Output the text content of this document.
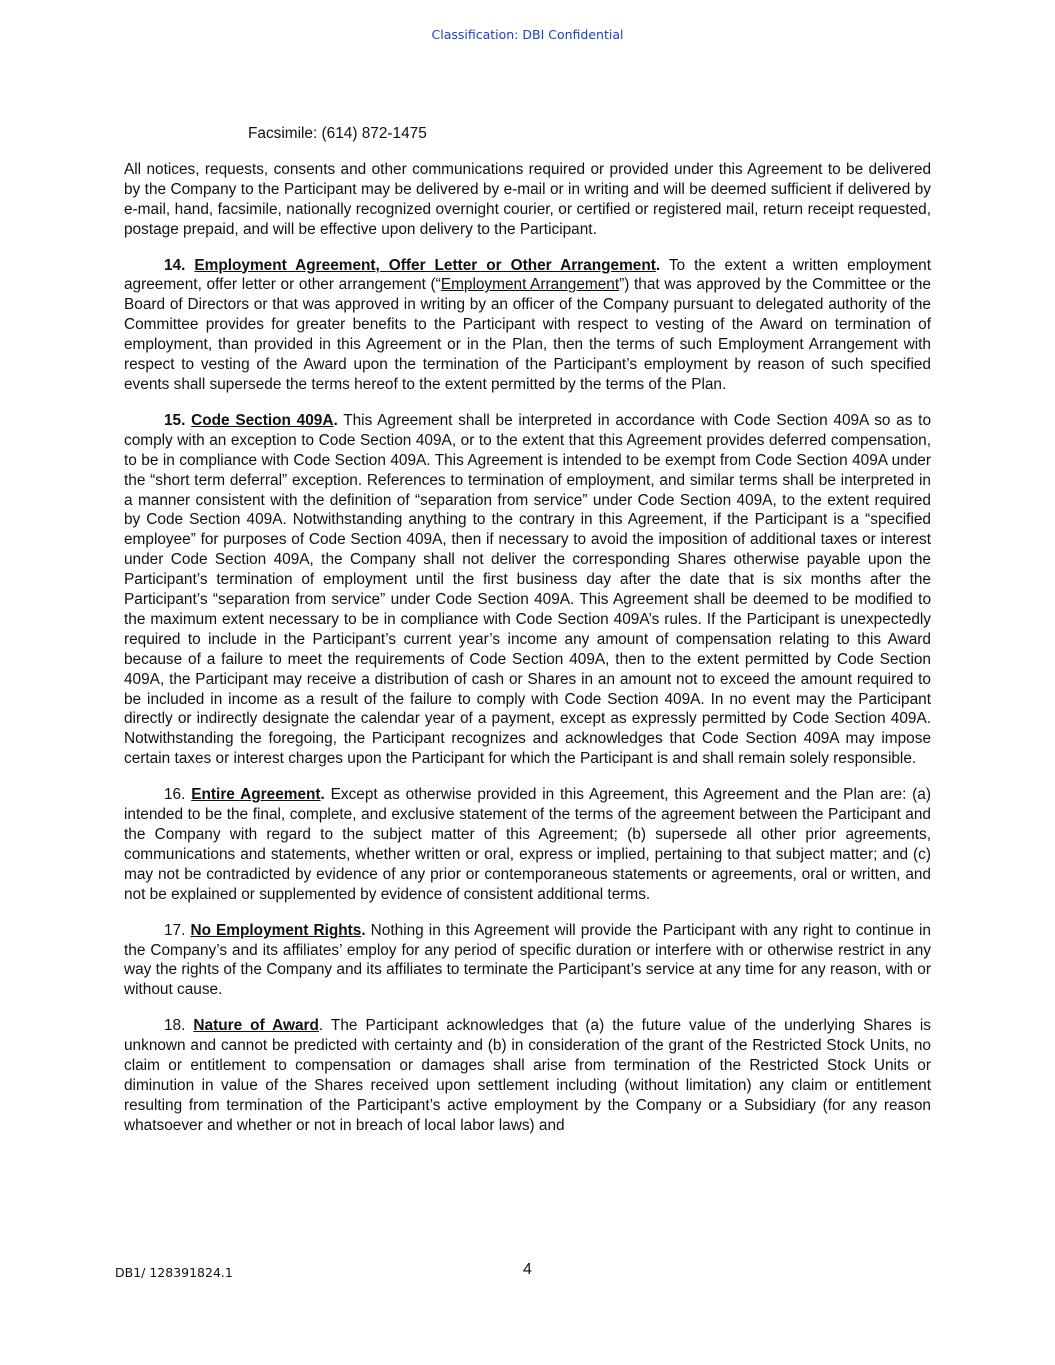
Classification: DBI Confidential
Facsimile: (614) 872-1475

All notices, requests, consents and other communications required or provided under this Agreement to be delivered by the Company to the Participant may be delivered by e-mail or in writing and will be deemed sufficient if delivered by e-mail, hand, facsimile, nationally recognized overnight courier, or certified or registered mail, return receipt requested, postage prepaid, and will be effective upon delivery to the Participant.

14. Employment Agreement, Offer Letter or Other Arrangement. To the extent a written employment agreement, offer letter or other arrangement (“Employment Arrangement”) that was approved by the Committee or the Board of Directors or that was approved in writing by an officer of the Company pursuant to delegated authority of the Committee provides for greater benefits to the Participant with respect to vesting of the Award on termination of employment, than provided in this Agreement or in the Plan, then the terms of such Employment Arrangement with respect to vesting of the Award upon the termination of the Participant’s employment by reason of such specified events shall supersede the terms hereof to the extent permitted by the terms of the Plan.

15. Code Section 409A. This Agreement shall be interpreted in accordance with Code Section 409A so as to comply with an exception to Code Section 409A, or to the extent that this Agreement provides deferred compensation, to be in compliance with Code Section 409A. This Agreement is intended to be exempt from Code Section 409A under the “short term deferral” exception. References to termination of employment, and similar terms shall be interpreted in a manner consistent with the definition of “separation from service” under Code Section 409A, to the extent required by Code Section 409A. Notwithstanding anything to the contrary in this Agreement, if the Participant is a “specified employee” for purposes of Code Section 409A, then if necessary to avoid the imposition of additional taxes or interest under Code Section 409A, the Company shall not deliver the corresponding Shares otherwise payable upon the Participant’s termination of employment until the first business day after the date that is six months after the Participant’s “separation from service” under Code Section 409A. This Agreement shall be deemed to be modified to the maximum extent necessary to be in compliance with Code Section 409A’s rules. If the Participant is unexpectedly required to include in the Participant’s current year’s income any amount of compensation relating to this Award because of a failure to meet the requirements of Code Section 409A, then to the extent permitted by Code Section 409A, the Participant may receive a distribution of cash or Shares in an amount not to exceed the amount required to be included in income as a result of the failure to comply with Code Section 409A. In no event may the Participant directly or indirectly designate the calendar year of a payment, except as expressly permitted by Code Section 409A. Notwithstanding the foregoing, the Participant recognizes and acknowledges that Code Section 409A may impose certain taxes or interest charges upon the Participant for which the Participant is and shall remain solely responsible.

16. Entire Agreement. Except as otherwise provided in this Agreement, this Agreement and the Plan are: (a) intended to be the final, complete, and exclusive statement of the terms of the agreement between the Participant and the Company with regard to the subject matter of this Agreement; (b) supersede all other prior agreements, communications and statements, whether written or oral, express or implied, pertaining to that subject matter; and (c) may not be contradicted by evidence of any prior or contemporaneous statements or agreements, oral or written, and not be explained or supplemented by evidence of consistent additional terms.

17. No Employment Rights. Nothing in this Agreement will provide the Participant with any right to continue in the Company’s and its affiliates’ employ for any period of specific duration or interfere with or otherwise restrict in any way the rights of the Company and its affiliates to terminate the Participant’s service at any time for any reason, with or without cause.

18. Nature of Award. The Participant acknowledges that (a) the future value of the underlying Shares is unknown and cannot be predicted with certainty and (b) in consideration of the grant of the Restricted Stock Units, no claim or entitlement to compensation or damages shall arise from termination of the Restricted Stock Units or diminution in value of the Shares received upon settlement including (without limitation) any claim or entitlement resulting from termination of the Participant’s active employment by the Company or a Subsidiary (for any reason whatsoever and whether or not in breach of local labor laws) and

DB1/ 128391824.1	4
